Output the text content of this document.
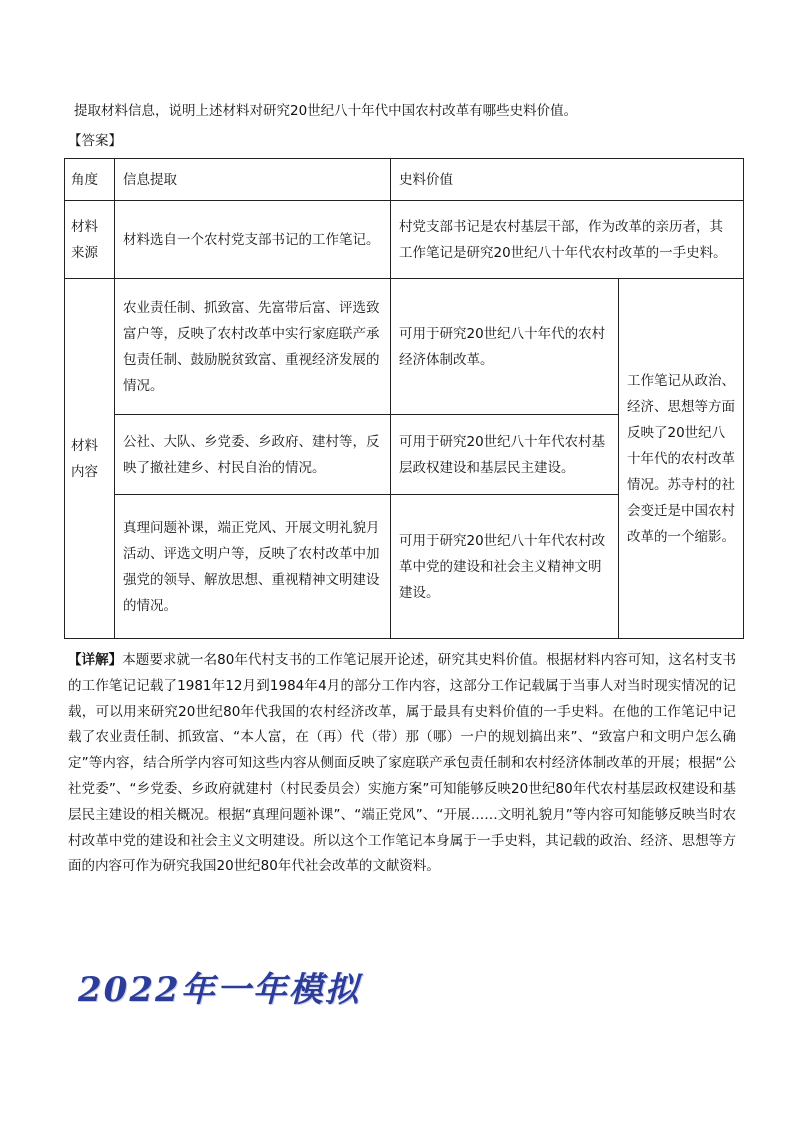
提取材料信息，说明上述材料对研究20世纪八十年代中国农村改革有哪些史料价值。
【答案】
角度	信息提取	史料价值	
材料来源	材料选自一个农村党支部书记的工作笔记。	村党支部书记是农村基层干部，作为改革的亲历者，其工作笔记是研究20世纪八十年代农村改革的一手史料。	
材料内容	农业责任制、抓致富、先富带后富、评选致富户等，反映了农村改革中实行家庭联产承包责任制、鼓励脱贫致富、重视经济发展的情况。	可用于研究20世纪八十年代的农村经济体制改革。	工作笔记从政治、经济、思想等方面反映了20世纪八十年代的农村改革情况。苏寺村的社会变迁是中国农村改革的一个缩影。
	公社、大队、乡党委、乡政府、建村等，反映了撤社建乡、村民自治的情况。	可用于研究20世纪八十年代农村基层政权建设和基层民主建设。	
	真理问题补课，端正党风、开展文明礼貌月活动、评选文明户等，反映了农村改革中加强党的领导、解放思想、重视精神文明建设的情况。	可用于研究20世纪八十年代农村改革中党的建设和社会主义精神文明建设。	
【详解】本题要求就一名80年代村支书的工作笔记展开论述，研究其史料价值。根据材料内容可知，这名村支书的工作笔记记载了1981年12月到1984年4月的部分工作内容，这部分工作记载属于当事人对当时现实情况的记载，可以用来研究20世纪80年代我国的农村经济改革，属于最具有史料价值的一手史料。在他的工作笔记中记载了农业责任制、抓致富、“本人富，在（再）代（带）那（哪）一户的规划搞出来”、“致富户和文明户怎么确定”等内容，结合所学内容可知这些内容从侧面反映了家庭联产承包责任制和农村经济体制改革的开展；根据“公社党委”、“乡党委、乡政府就建村（村民委员会）实施方案”可知能够反映20世纪80年代农村基层政权建设和基层民主建设的相关概况。根据“真理问题补课”、“端正党风”、“开展……文明礼貌月”等内容可知能够反映当时农村改革中党的建设和社会主义文明建设。所以这个工作笔记本身属于一手史料，其记载的政治、经济、思想等方面的内容可作为研究我国20世纪80年代社会改革的文献资料。
2022年一年模拟
